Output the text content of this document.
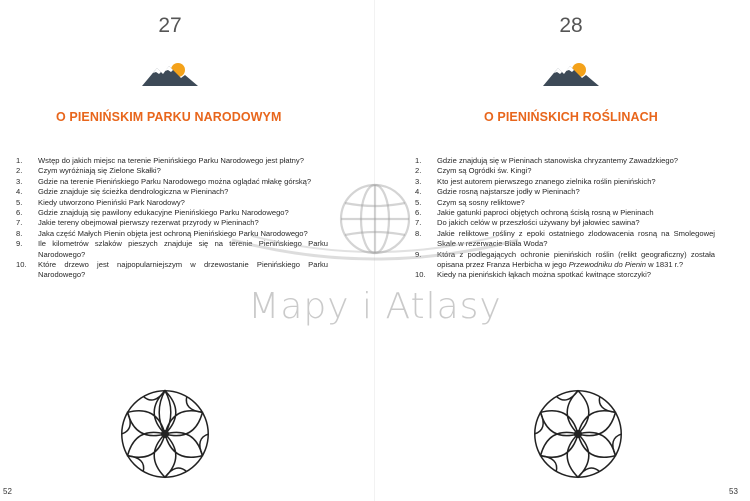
27
O PIENIŃSKIM PARKU NARODOWYM
1.	Wstęp do jakich miejsc na terenie Pienińskiego Parku Narodowego jest płatny?
2.	Czym wyróżniają się Zielone Skałki?
3.	Gdzie na terenie Pienińskiego Parku Narodowego można oglądać młakę górską?
4.	Gdzie znajduje się ścieżka dendrologiczna w Pieninach?
5.	Kiedy utworzono Pieniński Park Narodowy?
6.	Gdzie znajdują się pawilony edukacyjne Pienińskiego Parku Narodowego?
7.	Jakie tereny obejmował pierwszy rezerwat przyrody w Pieninach?
8.	Jaka część Małych Pienin objęta jest ochroną Pienińskiego Parku Narodowego?
9.	Ile kilometrów szlaków pieszych znajduje się na terenie Pienińskiego Parku Narodowego?
10.	Które drzewo jest najpopularniejszym w drzewostanie Pienińskiego Parku Narodowego?
52
28
O PIENIŃSKICH ROŚLINACH
1.	Gdzie znajdują się w Pieninach stanowiska chryzantemy Zawadzkiego?
2.	Czym są Ogródki św. Kingi?
3.	Kto jest autorem pierwszego znanego zielnika roślin pienińskich?
4.	Gdzie rosną najstarsze jodły w Pieninach?
5.	Czym są sosny reliktowe?
6.	Jakie gatunki paproci objętych ochroną ścisłą rosną w Pieninach
7.	Do jakich celów w przeszłości używany był jałowiec sawina?
8.	Jakie reliktowe rośliny z epoki ostatniego zlodowacenia rosną na Smolegowej Skale w rezerwacie Biała Woda?
9.	Która z podlegających ochronie pienińskich roślin (relikt geograficzny) została opisana przez Franza Herbicha w jego Przewodniku do Pienin w 1831 r.?
10.	Kiedy na pienińskich łąkach można spotkać kwitnące storczyki?
53
Mapy i Atlasy
